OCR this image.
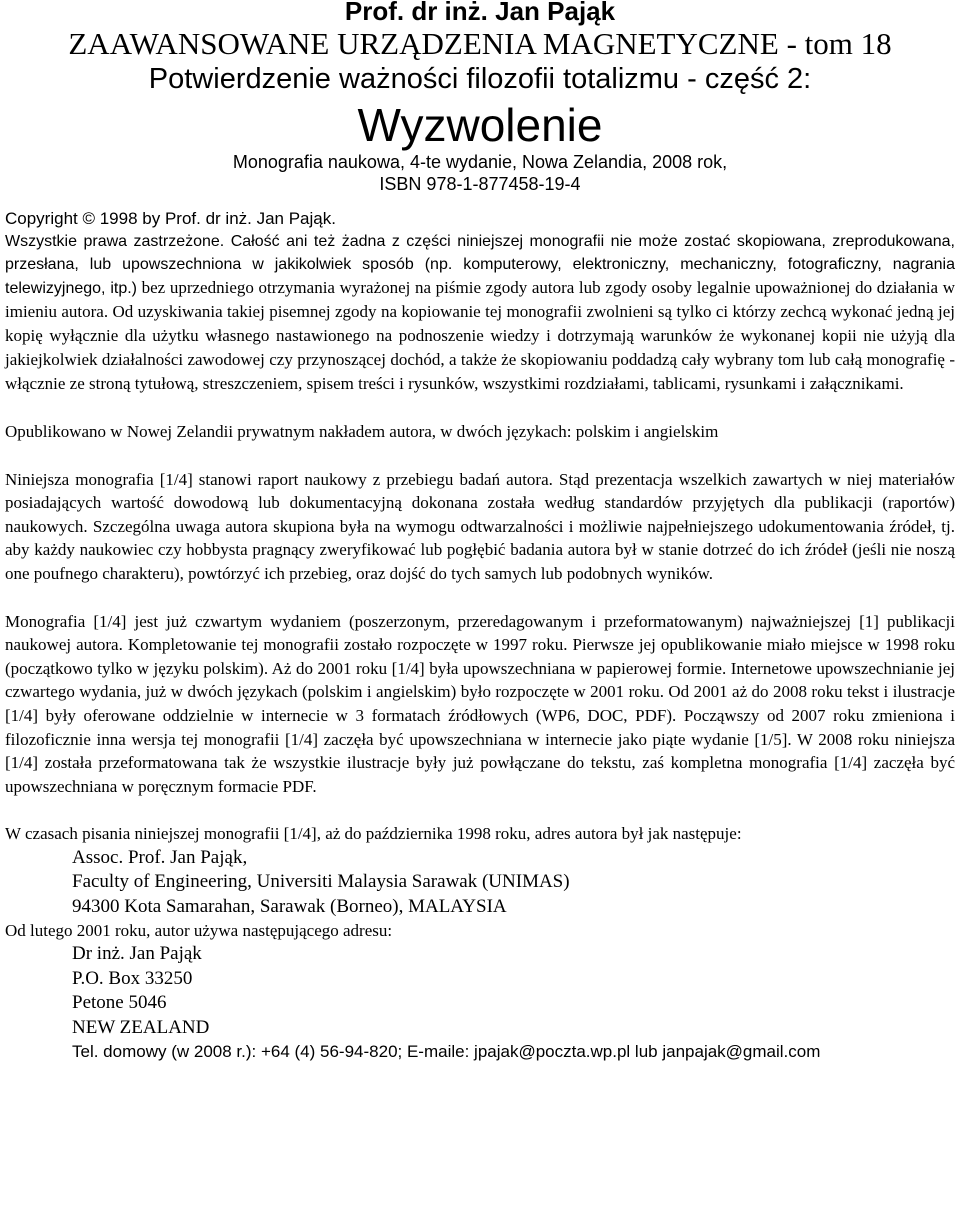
Prof. dr inż. Jan Pająk
ZAAWANSOWANE URZĄDZENIA MAGNETYCZNE - tom 18
Potwierdzenie ważności filozofii totalizmu - część 2:
Wyzwolenie
Monografia naukowa, 4-te wydanie, Nowa Zelandia, 2008 rok,
ISBN 978-1-877458-19-4
Copyright © 1998 by Prof. dr inż. Jan Pająk.

Wszystkie prawa zastrzeżone. Całość ani też żadna z części niniejszej monografii nie może zostać skopiowana, zreprodukowana, przesłana, lub upowszechniona w jakikolwiek sposób (np. komputerowy, elektroniczny, mechaniczny, fotograficzny, nagrania telewizyjnego, itp.) bez uprzedniego otrzymania wyrażonej na piśmie zgody autora lub zgody osoby legalnie upoważnionej do działania w imieniu autora. Od uzyskiwania takiej pisemnej zgody na kopiowanie tej monografii zwolnieni są tylko ci którzy zechcą wykonać jedną jej kopię wyłącznie dla użytku własnego nastawionego na podnoszenie wiedzy i dotrzymają warunków że wykonanej kopii nie użyją dla jakiejkolwiek działalności zawodowej czy przynoszącej dochód, a także że skopiowaniu poddadzą cały wybrany tom lub całą monografię - włącznie ze stroną tytułową, streszczeniem, spisem treści i rysunków, wszystkimi rozdziałami, tablicami, rysunkami i załącznikami.

Opublikowano w Nowej Zelandii prywatnym nakładem autora, w dwóch językach: polskim i angielskim

Niniejsza monografia [1/4] stanowi raport naukowy z przebiegu badań autora. Stąd prezentacja wszelkich zawartych w niej materiałów posiadających wartość dowodową lub dokumentacyjną dokonana została według standardów przyjętych dla publikacji (raportów) naukowych. Szczególna uwaga autora skupiona była na wymogu odtwarzalności i możliwie najpełniejszego udokumentowania źródeł, tj. aby każdy naukowiec czy hobbysta pragnący zweryfikować lub pogłębić badania autora był w stanie dotrzeć do ich źródeł (jeśli nie noszą one poufnego charakteru), powtórzyć ich przebieg, oraz dojść do tych samych lub podobnych wyników.

Monografia [1/4] jest już czwartym wydaniem (poszerzonym, przeredagowanym i przeformatowanym) najważniejszej [1] publikacji naukowej autora. Kompletowanie tej monografii zostało rozpoczęte w 1997 roku. Pierwsze jej opublikowanie miało miejsce w 1998 roku (początkowo tylko w języku polskim). Aż do 2001 roku [1/4] była upowszechniana w papierowej formie. Internetowe upowszechnianie jej czwartego wydania, już w dwóch językach (polskim i angielskim) było rozpoczęte w 2001 roku. Od 2001 aż do 2008 roku tekst i ilustracje [1/4] były oferowane oddzielnie w internecie w 3 formatach źródłowych (WP6, DOC, PDF). Począwszy od 2007 roku zmieniona i filozoficznie inna wersja tej monografii [1/4] zaczęła być upowszechniana w internecie jako piąte wydanie [1/5]. W 2008 roku niniejsza [1/4] została przeformatowana tak że wszystkie ilustracje były już powłączane do tekstu, zaś kompletna monografia [1/4] zaczęła być upowszechniana w poręcznym formacie PDF.

W czasach pisania niniejszej monografii [1/4], aż do października 1998 roku, adres autora był jak następuje:

Assoc. Prof. Jan Pająk,
Faculty of Engineering, Universiti Malaysia Sarawak (UNIMAS)
94300 Kota Samarahan, Sarawak (Borneo), MALAYSIA
Od lutego 2001 roku, autor używa następującego adresu:
Dr inż. Jan Pająk
P.O. Box 33250
Petone 5046
NEW ZEALAND
Tel. domowy (w 2008 r.): +64 (4) 56-94-820; E-maile: jpajak@poczta.wp.pl lub janpajak@gmail.com
